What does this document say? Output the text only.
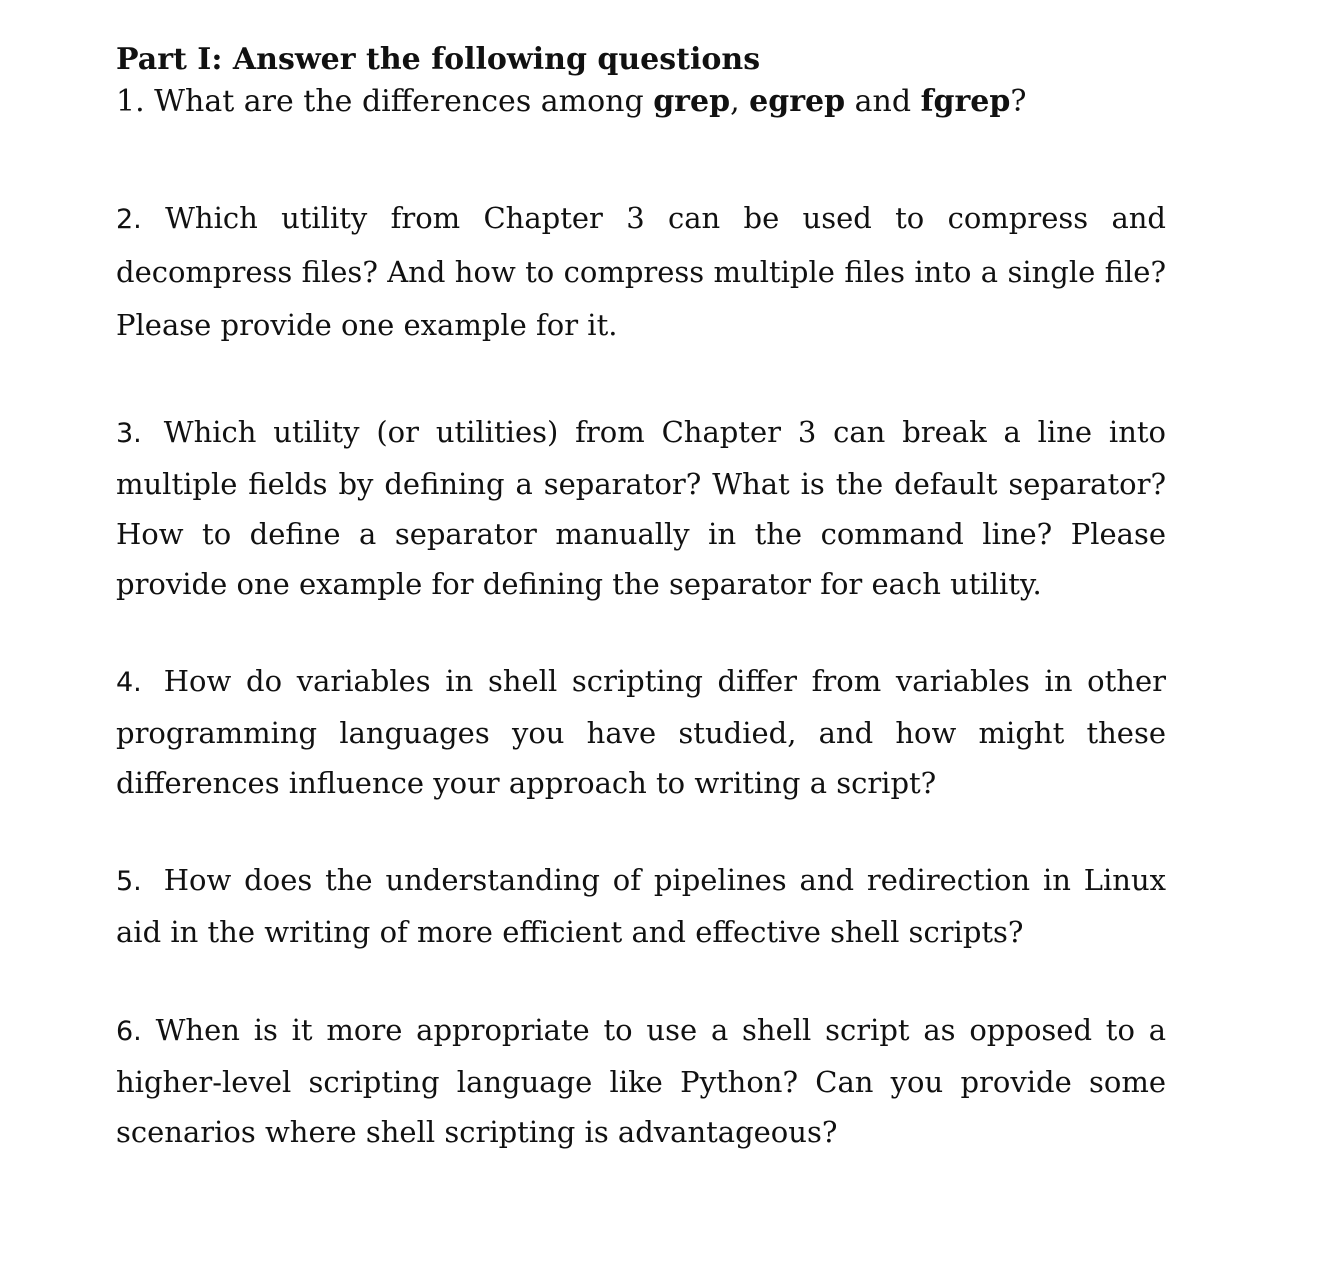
Part I: Answer the following questions

1. What are the differences among grep, egrep and fgrep?

2. Which utility from Chapter 3 can be used to compress and decompress files? And how to compress multiple files into a single file? Please provide one example for it.

3. Which utility (or utilities) from Chapter 3 can break a line into multiple fields by defining a separator? What is the default separator? How to define a separator manually in the command line? Please provide one example for defining the separator for each utility.

4. How do variables in shell scripting differ from variables in other programming languages you have studied, and how might these differences influence your approach to writing a script?

5. How does the understanding of pipelines and redirection in Linux aid in the writing of more efficient and effective shell scripts?

6. When is it more appropriate to use a shell script as opposed to a higher-level scripting language like Python? Can you provide some scenarios where shell scripting is advantageous?
